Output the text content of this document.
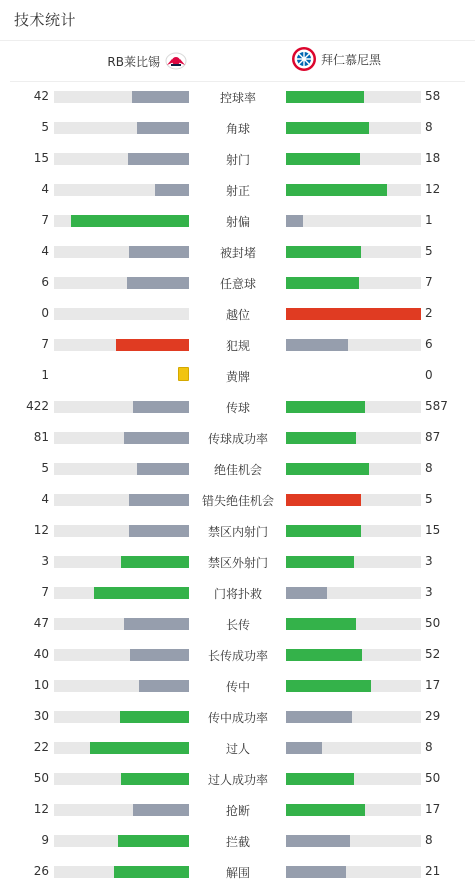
技术统计
RB莱比锡	拜仁慕尼黑
42	控球率	58
5	角球	8
15	射门	18
4	射正	12
7	射偏	1
4	被封堵	5
6	任意球	7
0	越位	2
7	犯规	6
1	黄牌	0
422	传球	587
81	传球成功率	87
5	绝佳机会	8
4	错失绝佳机会	5
12	禁区内射门	15
3	禁区外射门	3
7	门将扑救	3
47	长传	50
40	长传成功率	52
10	传中	17
30	传中成功率	29
22	过人	8
50	过人成功率	50
12	抢断	17
9	拦截	8
26	解围	21
